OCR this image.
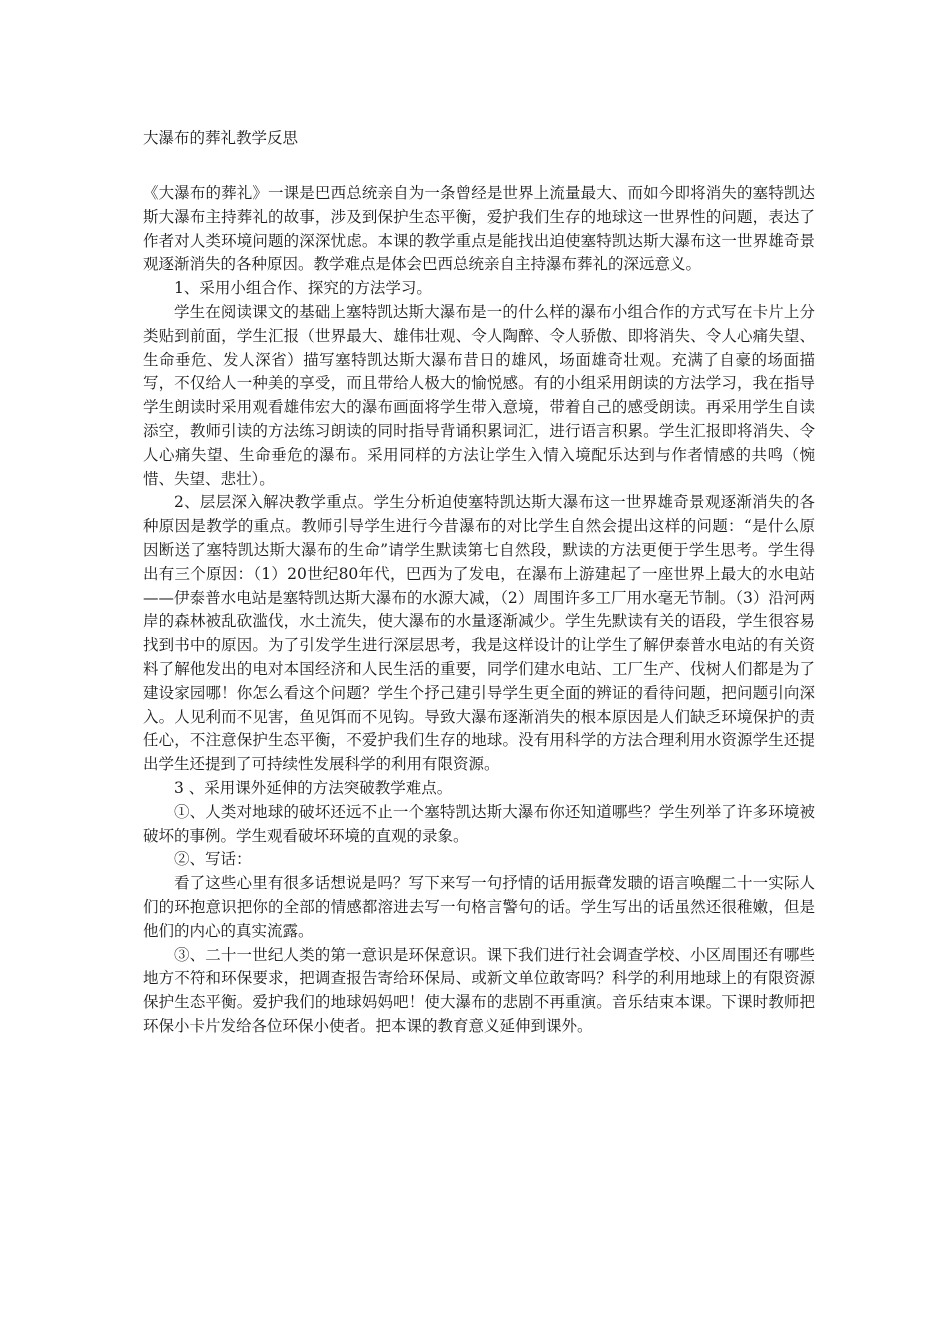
大瀑布的葬礼教学反思

《大瀑布的葬礼》一课是巴西总统亲自为一条曾经是世界上流量最大、而如今即将消失的塞特凯达斯大瀑布主持葬礼的故事，涉及到保护生态平衡，爱护我们生存的地球这一世界性的问题，表达了作者对人类环境问题的深深忧虑。本课的教学重点是能找出迫使塞特凯达斯大瀑布这一世界雄奇景观逐渐消失的各种原因。教学难点是体会巴西总统亲自主持瀑布葬礼的深远意义。

1、采用小组合作、探究的方法学习。

学生在阅读课文的基础上塞特凯达斯大瀑布是一的什么样的瀑布小组合作的方式写在卡片上分类贴到前面，学生汇报（世界最大、雄伟壮观、令人陶醉、令人骄傲、即将消失、令人心痛失望、生命垂危、发人深省）描写塞特凯达斯大瀑布昔日的雄风，场面雄奇壮观。充满了自豪的场面描写，不仅给人一种美的享受，而且带给人极大的愉悦感。有的小组采用朗读的方法学习，我在指导学生朗读时采用观看雄伟宏大的瀑布画面将学生带入意境，带着自己的感受朗读。再采用学生自读添空，教师引读的方法练习朗读的同时指导背诵积累词汇，进行语言积累。学生汇报即将消失、令人心痛失望、生命垂危的瀑布。采用同样的方法让学生入情入境配乐达到与作者情感的共鸣（惋惜、失望、悲壮）。

2、层层深入解决教学重点。学生分析迫使塞特凯达斯大瀑布这一世界雄奇景观逐渐消失的各种原因是教学的重点。教师引导学生进行今昔瀑布的对比学生自然会提出这样的问题：“是什么原因断送了塞特凯达斯大瀑布的生命”请学生默读第七自然段，默读的方法更便于学生思考。学生得出有三个原因：（1）20世纪80年代，巴西为了发电，在瀑布上游建起了一座世界上最大的水电站——伊泰普水电站是塞特凯达斯大瀑布的水源大减，（2）周围许多工厂用水毫无节制。（3）沿河两岸的森林被乱砍滥伐，水土流失，使大瀑布的水量逐渐减少。学生先默读有关的语段，学生很容易找到书中的原因。为了引发学生进行深层思考，我是这样设计的让学生了解伊泰普水电站的有关资料了解他发出的电对本国经济和人民生活的重要，同学们建水电站、工厂生产、伐树人们都是为了建设家园哪！你怎么看这个问题？学生个抒己建引导学生更全面的辨证的看待问题，把问题引向深入。人见利而不见害，鱼见饵而不见钩。导致大瀑布逐渐消失的根本原因是人们缺乏环境保护的责任心，不注意保护生态平衡，不爱护我们生存的地球。没有用科学的方法合理利用水资源学生还提出学生还提到了可持续性发展科学的利用有限资源。

3 、采用课外延伸的方法突破教学难点。

①、人类对地球的破坏还远不止一个塞特凯达斯大瀑布你还知道哪些？学生列举了许多环境被破坏的事例。学生观看破坏环境的直观的录象。

②、写话：

看了这些心里有很多话想说是吗？写下来写一句抒情的话用振聋发聩的语言唤醒二十一实际人们的环抱意识把你的全部的情感都溶进去写一句格言警句的话。学生写出的话虽然还很稚嫩，但是他们的内心的真实流露。

③、二十一世纪人类的第一意识是环保意识。课下我们进行社会调查学校、小区周围还有哪些地方不符和环保要求，把调查报告寄给环保局、或新文单位敢寄吗？科学的利用地球上的有限资源保护生态平衡。爱护我们的地球妈妈吧！使大瀑布的悲剧不再重演。音乐结束本课。下课时教师把环保小卡片发给各位环保小使者。把本课的教育意义延伸到课外。
